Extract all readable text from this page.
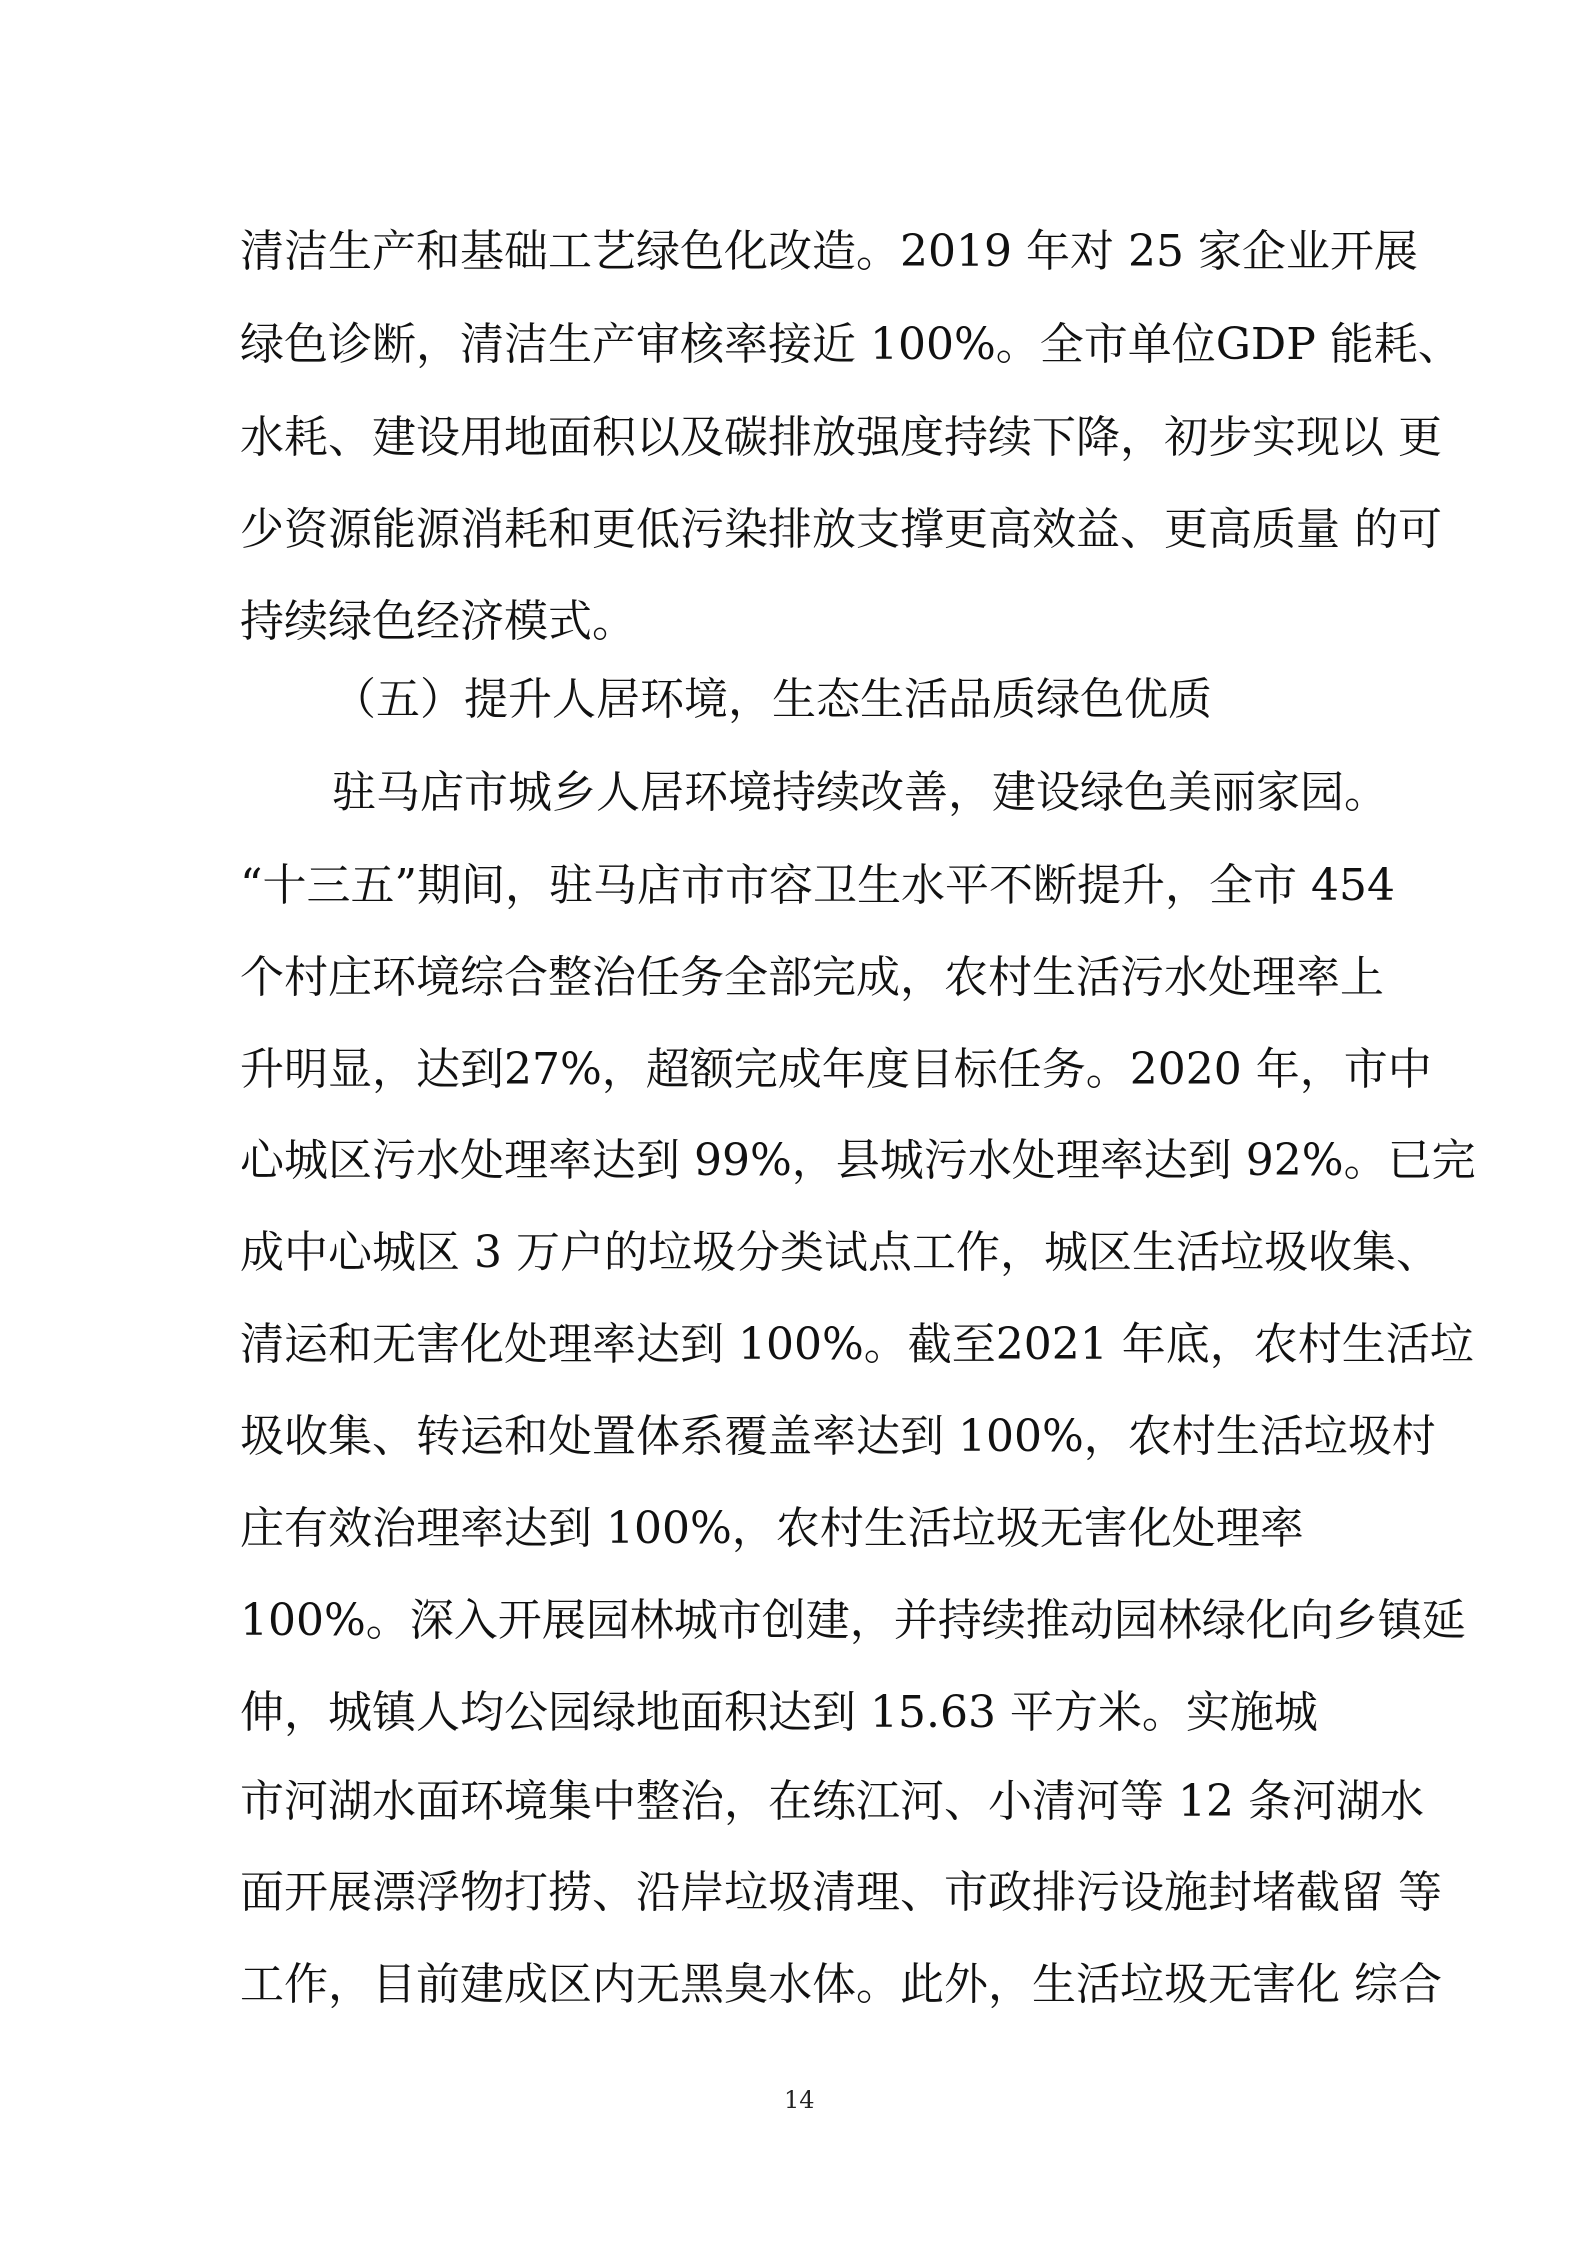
清洁生产和基础工艺绿色化改造。2019 年对 25 家企业开展
绿色诊断，清洁生产审核率接近 100%。全市单位GDP 能耗、
水耗、建设用地面积以及碳排放强度持续下降，初步实现以 更
少资源能源消耗和更低污染排放支撑更高效益、更高质量 的可
持续绿色经济模式。
（五）提升人居环境，生态生活品质绿色优质
驻马店市城乡人居环境持续改善，建设绿色美丽家园。
“十三五”期间，驻马店市市容卫生水平不断提升，全市 454
个村庄环境综合整治任务全部完成，农村生活污水处理率上
升明显，达到27%，超额完成年度目标任务。2020 年，市中
心城区污水处理率达到 99%，县城污水处理率达到 92%。已完
成中心城区 3 万户的垃圾分类试点工作，城区生活垃圾收集、
清运和无害化处理率达到 100%。截至2021 年底，农村生活垃
圾收集、转运和处置体系覆盖率达到 100%，农村生活垃圾村
庄有效治理率达到 100%，农村生活垃圾无害化处理率
100%。深入开展园林城市创建，并持续推动园林绿化向乡镇延
伸，城镇人均公园绿地面积达到 15.63 平方米。实施城
市河湖水面环境集中整治，在练江河、小清河等 12 条河湖水
面开展漂浮物打捞、沿岸垃圾清理、市政排污设施封堵截留 等
工作，目前建成区内无黑臭水体。此外，生活垃圾无害化 综合
14
